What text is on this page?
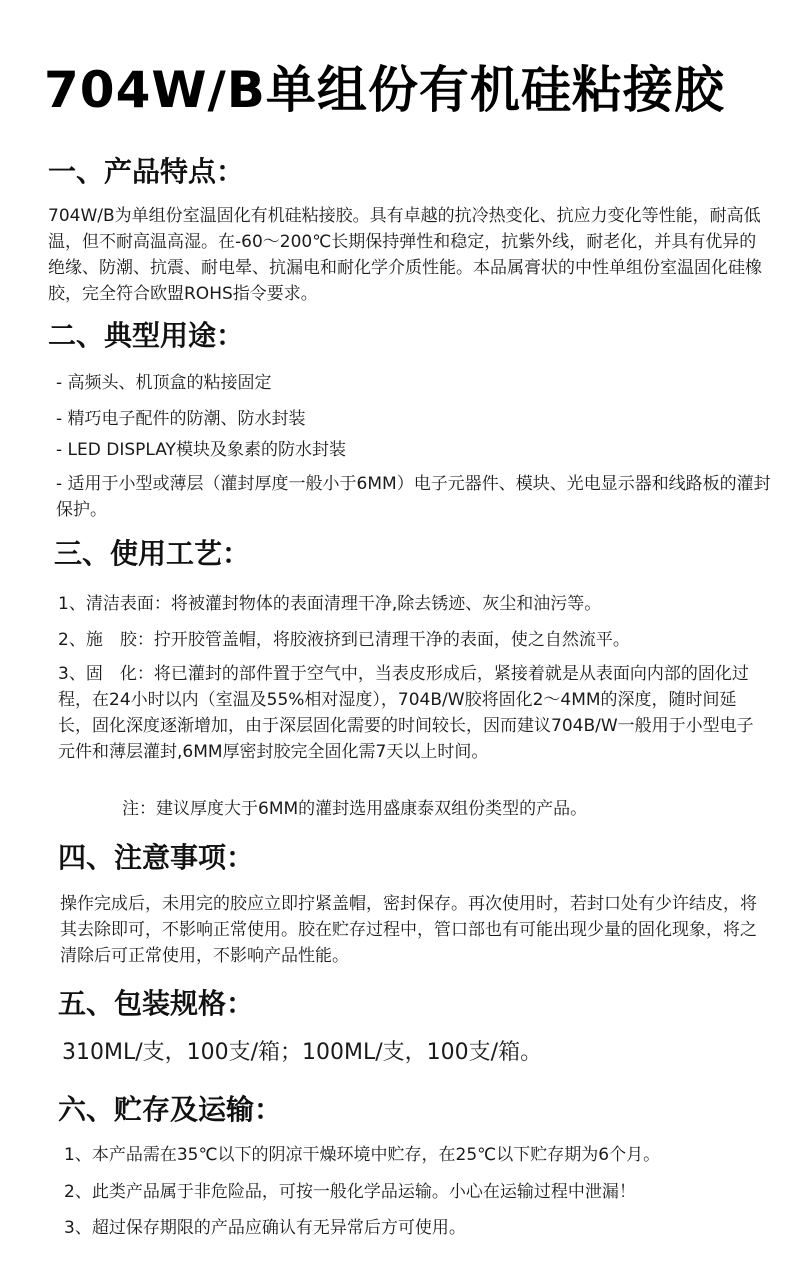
704W/B单组份有机硅粘接胶
一、产品特点：
704W/B为单组份室温固化有机硅粘接胶。具有卓越的抗冷热变化、抗应力变化等性能，耐高低温，但不耐高温高湿。在-60～200℃长期保持弹性和稳定，抗紫外线，耐老化，并具有优异的绝缘、防潮、抗震、耐电晕、抗漏电和耐化学介质性能。本品属膏状的中性单组份室温固化硅橡胶，完全符合欧盟ROHS指令要求。
二、典型用途：
- 高频头、机顶盒的粘接固定
- 精巧电子配件的防潮、防水封装
- LED DISPLAY模块及象素的防水封装
- 适用于小型或薄层（灌封厚度一般小于6MM）电子元器件、模块、光电显示器和线路板的灌封保护。
三、使用工艺：
1、清洁表面：将被灌封物体的表面清理干净,除去锈迹、灰尘和油污等。
2、施　胶：拧开胶管盖帽，将胶液挤到已清理干净的表面，使之自然流平。
3、固　化：将已灌封的部件置于空气中，当表皮形成后，紧接着就是从表面向内部的固化过程，在24小时以内（室温及55%相对湿度），704B/W胶将固化2～4MM的深度，随时间延长，固化深度逐渐增加，由于深层固化需要的时间较长，因而建议704B/W一般用于小型电子元件和薄层灌封,6MM厚密封胶完全固化需7天以上时间。
注：建议厚度大于6MM的灌封选用盛康泰双组份类型的产品。
四、注意事项：
操作完成后，未用完的胶应立即拧紧盖帽，密封保存。再次使用时，若封口处有少许结皮，将其去除即可，不影响正常使用。胶在贮存过程中，管口部也有可能出现少量的固化现象，将之清除后可正常使用，不影响产品性能。
五、包装规格：
310ML/支，100支/箱；100ML/支，100支/箱。
六、贮存及运输：
1、本产品需在35℃以下的阴凉干燥环境中贮存，在25℃以下贮存期为6个月。
2、此类产品属于非危险品，可按一般化学品运输。小心在运输过程中泄漏！
3、超过保存期限的产品应确认有无异常后方可使用。
